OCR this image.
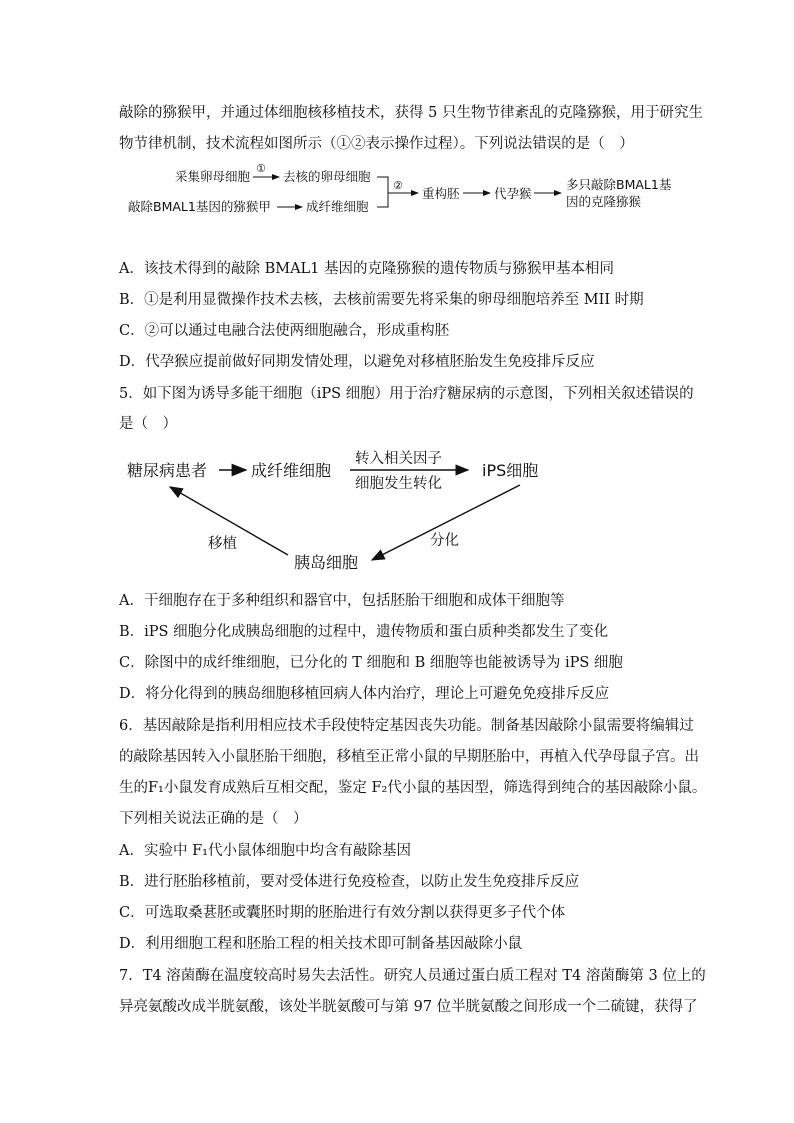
敲除的猕猴甲，并通过体细胞核移植技术，获得 5 只生物节律紊乱的克隆猕猴，用于研究生
物节律机制，技术流程如图所示（①②表示操作过程）。下列说法错误的是（　）
采集卵母细胞
①
去核的卵母细胞
敲除BMAL1基因的猕猴甲	成纤维细胞
②
重构胚	代孕猴
多只敲除BMAL1基
因的克隆猕猴
A．该技术得到的敲除 BMAL1 基因的克隆猕猴的遗传物质与猕猴甲基本相同
B．①是利用显微操作技术去核，去核前需要先将采集的卵母细胞培养至 MII 时期
C．②可以通过电融合法使两细胞融合，形成重构胚
D．代孕猴应提前做好同期发情处理，以避免对移植胚胎发生免疫排斥反应
5．如下图为诱导多能干细胞（iPS 细胞）用于治疗糖尿病的示意图，下列相关叙述错误的
是（　）
糖尿病患者	成纤维细胞
转入相关因子
细胞发生转化
iPS细胞
分化
胰岛细胞
移植
A．干细胞存在于多种组织和器官中，包括胚胎干细胞和成体干细胞等
B．iPS 细胞分化成胰岛细胞的过程中，遗传物质和蛋白质种类都发生了变化
C．除图中的成纤维细胞，已分化的 T 细胞和 B 细胞等也能被诱导为 iPS 细胞
D．将分化得到的胰岛细胞移植回病人体内治疗，理论上可避免免疫排斥反应
6．基因敲除是指利用相应技术手段使特定基因丧失功能。制备基因敲除小鼠需要将编辑过
的敲除基因转入小鼠胚胎干细胞，移植至正常小鼠的早期胚胎中，再植入代孕母鼠子宫。出
生的F₁小鼠发育成熟后互相交配，鉴定 F₂代小鼠的基因型，筛选得到纯合的基因敲除小鼠。
下列相关说法正确的是（　）
A．实验中 F₁代小鼠体细胞中均含有敲除基因
B．进行胚胎移植前，要对受体进行免疫检查，以防止发生免疫排斥反应
C．可选取桑葚胚或囊胚时期的胚胎进行有效分割以获得更多子代个体
D．利用细胞工程和胚胎工程的相关技术即可制备基因敲除小鼠
7．T4 溶菌酶在温度较高时易失去活性。研究人员通过蛋白质工程对 T4 溶菌酶第 3 位上的
异亮氨酸改成半胱氨酸，该处半胱氨酸可与第 97 位半胱氨酸之间形成一个二硫键，获得了
